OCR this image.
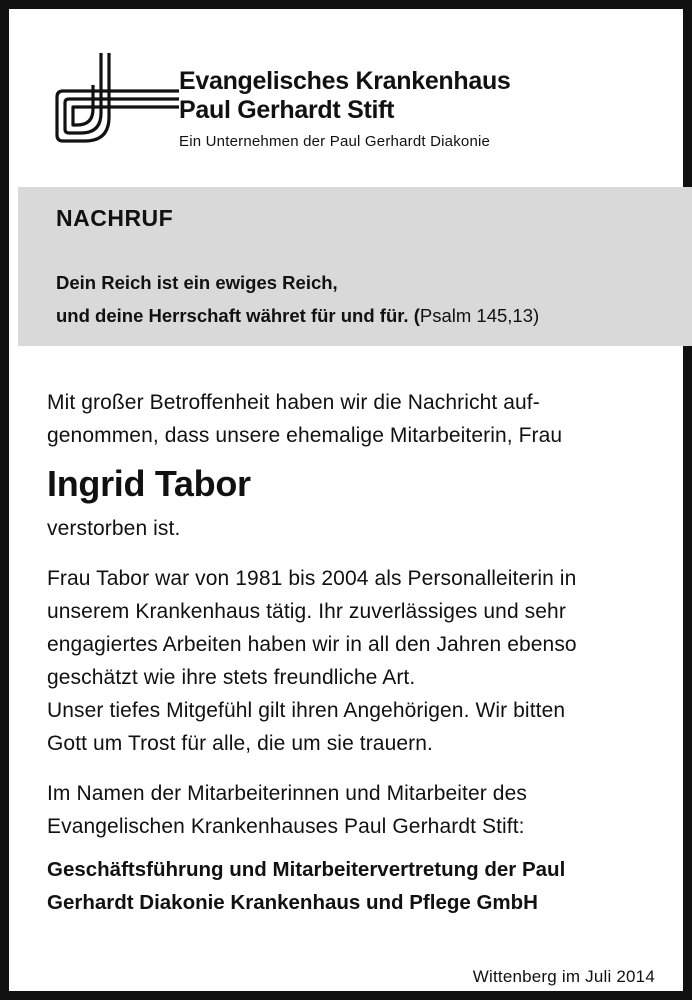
Evangelisches Krankenhaus
Paul Gerhardt Stift
Ein Unternehmen der Paul Gerhardt Diakonie
NACHRUF
Dein Reich ist ein ewiges Reich,
und deine Herrschaft währet für und für. (Psalm 145,13)

Mit großer Betroffenheit haben wir die Nachricht auf-

genommen, dass unsere ehemalige Mitarbeiterin, Frau

Ingrid Tabor

verstorben ist.

Frau Tabor war von 1981 bis 2004 als Personalleiterin in

unserem Krankenhaus tätig. Ihr zuverlässiges und sehr

engagiertes Arbeiten haben wir in all den Jahren ebenso

geschätzt wie ihre stets freundliche Art.

Unser tiefes Mitgefühl gilt ihren Angehörigen. Wir bitten

Gott um Trost für alle, die um sie trauern.

Im Namen der Mitarbeiterinnen und Mitarbeiter des

Evangelischen Krankenhauses Paul Gerhardt Stift:

Geschäftsführung und Mitarbeitervertretung der Paul

Gerhardt Diakonie Krankenhaus und Pflege GmbH

Wittenberg im Juli 2014
